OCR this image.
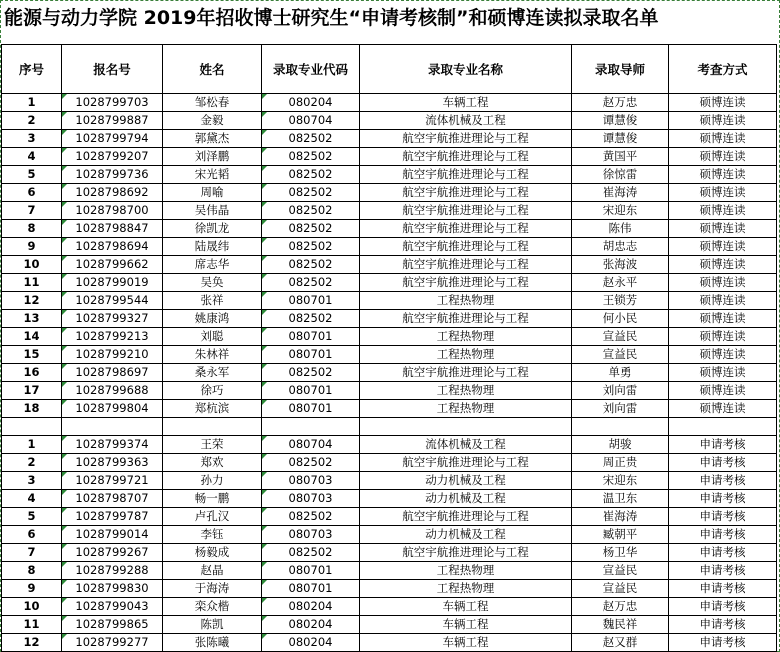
能源与动力学院 2019年招收博士研究生“申请考核制”和硕博连读拟录取名单
序号	报名号	姓名	录取专业代码	录取专业名称	录取导师	考查方式
1	1028799703	邹松春	080204	车辆工程	赵万忠	硕博连读
2	1028799887	金毅	080704	流体机械及工程	谭慧俊	硕博连读
3	1028799794	郭黛杰	082502	航空宇航推进理论与工程	谭慧俊	硕博连读
4	1028799207	刘泽鹏	082502	航空宇航推进理论与工程	黄国平	硕博连读
5	1028799736	宋光韬	082502	航空宇航推进理论与工程	徐惊雷	硕博连读
6	1028798692	周喻	082502	航空宇航推进理论与工程	崔海涛	硕博连读
7	1028798700	吴伟晶	082502	航空宇航推进理论与工程	宋迎东	硕博连读
8	1028798847	徐凯龙	082502	航空宇航推进理论与工程	陈伟	硕博连读
9	1028798694	陆晟纬	082502	航空宇航推进理论与工程	胡忠志	硕博连读
10	1028799662	席志华	082502	航空宇航推进理论与工程	张海波	硕博连读
11	1028799019	吴奂	082502	航空宇航推进理论与工程	赵永平	硕博连读
12	1028799544	张祥	080701	工程热物理	王锁芳	硕博连读
13	1028799327	姚康鸿	082502	航空宇航推进理论与工程	何小民	硕博连读
14	1028799213	刘聪	080701	工程热物理	宣益民	硕博连读
15	1028799210	朱林祥	080701	工程热物理	宣益民	硕博连读
16	1028798697	桑永军	082502	航空宇航推进理论与工程	单勇	硕博连读
17	1028799688	徐巧	080701	工程热物理	刘向雷	硕博连读
18	1028799804	郑杭滨	080701	工程热物理	刘向雷	硕博连读

1	1028799374	王荣	080704	流体机械及工程	胡骏	申请考核
2	1028799363	郑欢	082502	航空宇航推进理论与工程	周正贵	申请考核
3	1028799721	孙力	080703	动力机械及工程	宋迎东	申请考核
4	1028798707	畅一鹏	080703	动力机械及工程	温卫东	申请考核
5	1028799787	卢孔汉	082502	航空宇航推进理论与工程	崔海涛	申请考核
6	1028799014	李钰	080703	动力机械及工程	臧朝平	申请考核
7	1028799267	杨毅成	082502	航空宇航推进理论与工程	杨卫华	申请考核
8	1028799288	赵晶	080701	工程热物理	宣益民	申请考核
9	1028799830	于海涛	080701	工程热物理	宣益民	申请考核
10	1028799043	栾众楷	080204	车辆工程	赵万忠	申请考核
11	1028799865	陈凯	080204	车辆工程	魏民祥	申请考核
12	1028799277	张陈曦	080204	车辆工程	赵又群	申请考核
